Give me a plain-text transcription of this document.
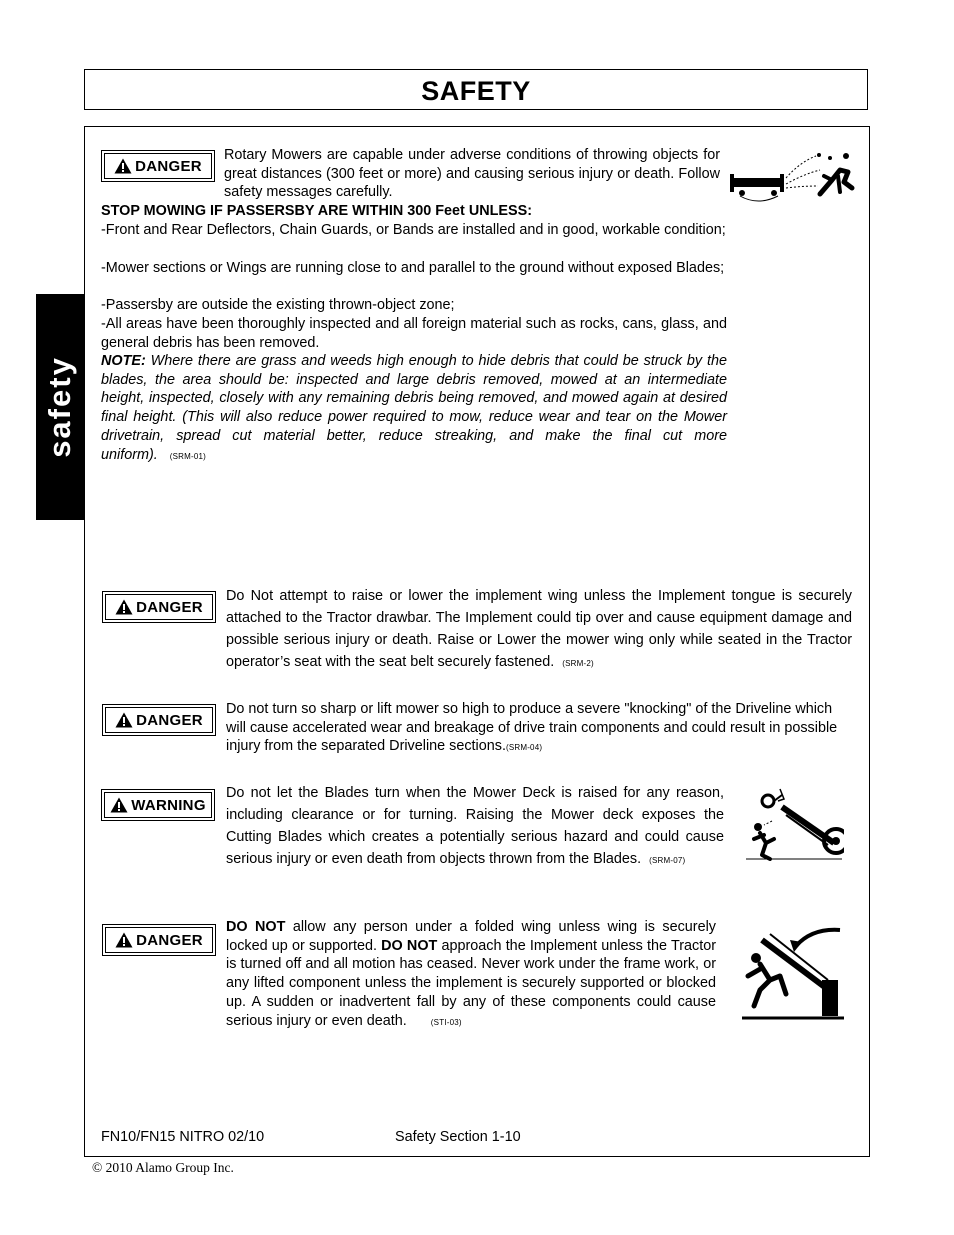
SAFETY
safety
DANGER
Rotary Mowers are capable under adverse conditions of throwing objects for great distances (300 feet or more) and causing serious injury or death. Follow safety messages carefully.
STOP MOWING IF PASSERSBY ARE WITHIN 300 Feet UNLESS:
-Front and Rear Deflectors, Chain Guards, or Bands are installed and in good, workable condition;
-Mower sections or Wings are running close to and parallel to the ground without exposed Blades;
-Passersby are outside the existing thrown-object zone;
-All areas have been thoroughly inspected and all foreign material such as rocks, cans, glass, and general debris has been removed.
NOTE: Where there are grass and weeds high enough to hide debris that could be struck by the blades, the area should be: inspected and large debris removed, mowed at an intermediate height, inspected, closely with any remaining debris being removed, and mowed again at desired final height. (This will also reduce power required to mow, reduce wear and tear on the Mower drivetrain, spread cut material better, reduce streaking, and make the final cut more uniform). (SRM-01)
DANGER
Do Not attempt to raise or lower the implement wing unless the Implement tongue is securely attached to the Tractor drawbar. The Implement could tip over and cause equipment damage and possible serious injury or death. Raise or Lower the mower wing only while seated in the Tractor operator’s seat with the seat belt securely fastened. (SRM-2)
DANGER
Do not turn so sharp or lift mower so high to produce a severe "knocking" of the Driveline which will cause accelerated wear and breakage of drive train components and could result in possible injury from the separated Driveline sections.(SRM-04)
WARNING
Do not let the Blades turn when the Mower Deck is raised for any reason, including clearance or for turning. Raising the Mower deck exposes the Cutting Blades which creates a potentially serious hazard and could cause serious injury or even death from objects thrown from the Blades. (SRM-07)
DANGER
DO NOT allow any person under a folded wing unless wing is securely locked up or supported. DO NOT approach the Implement unless the Tractor is turned off and all motion has ceased. Never work under the frame work, or any lifted component unless the implement is securely supported or blocked up. A sudden or inadvertent fall by any of these components could cause serious injury or even death.	(STI-03)
FN10/FN15 NITRO 02/10	Safety Section 1-10
© 2010 Alamo Group Inc.
